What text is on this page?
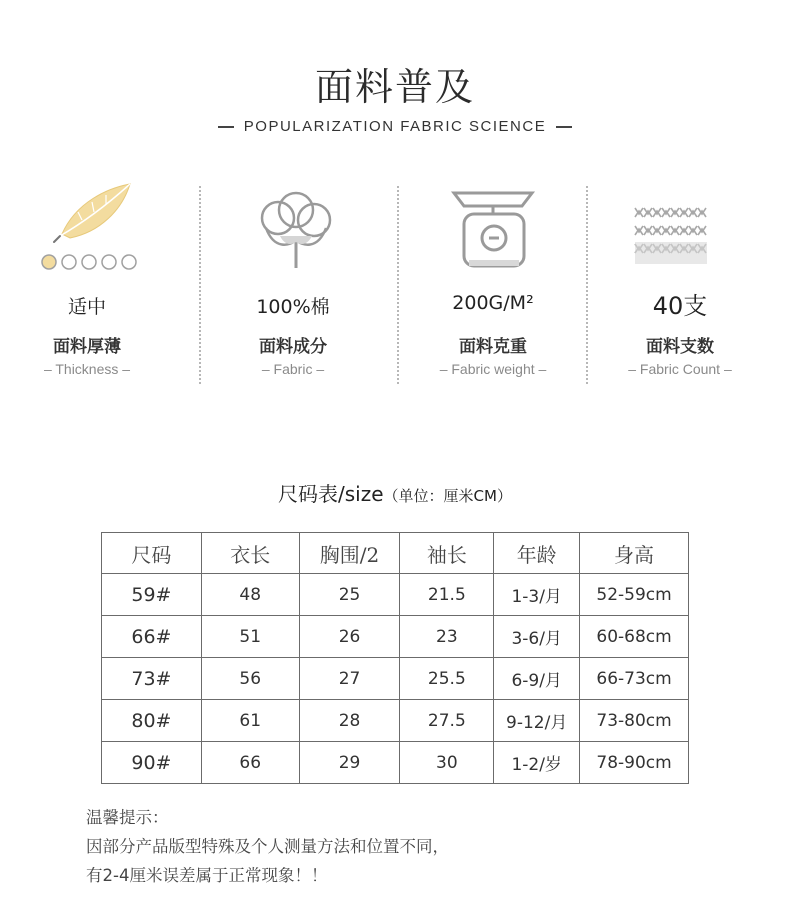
面料普及
POPULARIZATION FABRIC SCIENCE
适中
面料厚薄
– Thickness –
100%棉
面料成分
– Fabric –
200G/M²
面料克重
– Fabric weight –
40支
面料支数
– Fabric Count –
尺码表/size（单位：厘米CM）
尺码	衣长	胸围/2	袖长	年龄	身高
59#	48	25	21.5	1-3/月	52-59cm
66#	51	26	23	3-6/月	60-68cm
73#	56	27	25.5	6-9/月	66-73cm
80#	61	28	27.5	9-12/月	73-80cm
90#	66	29	30	1-2/岁	78-90cm
温馨提示：
因部分产品版型特殊及个人测量方法和位置不同，
有2-4厘米误差属于正常现象！！
